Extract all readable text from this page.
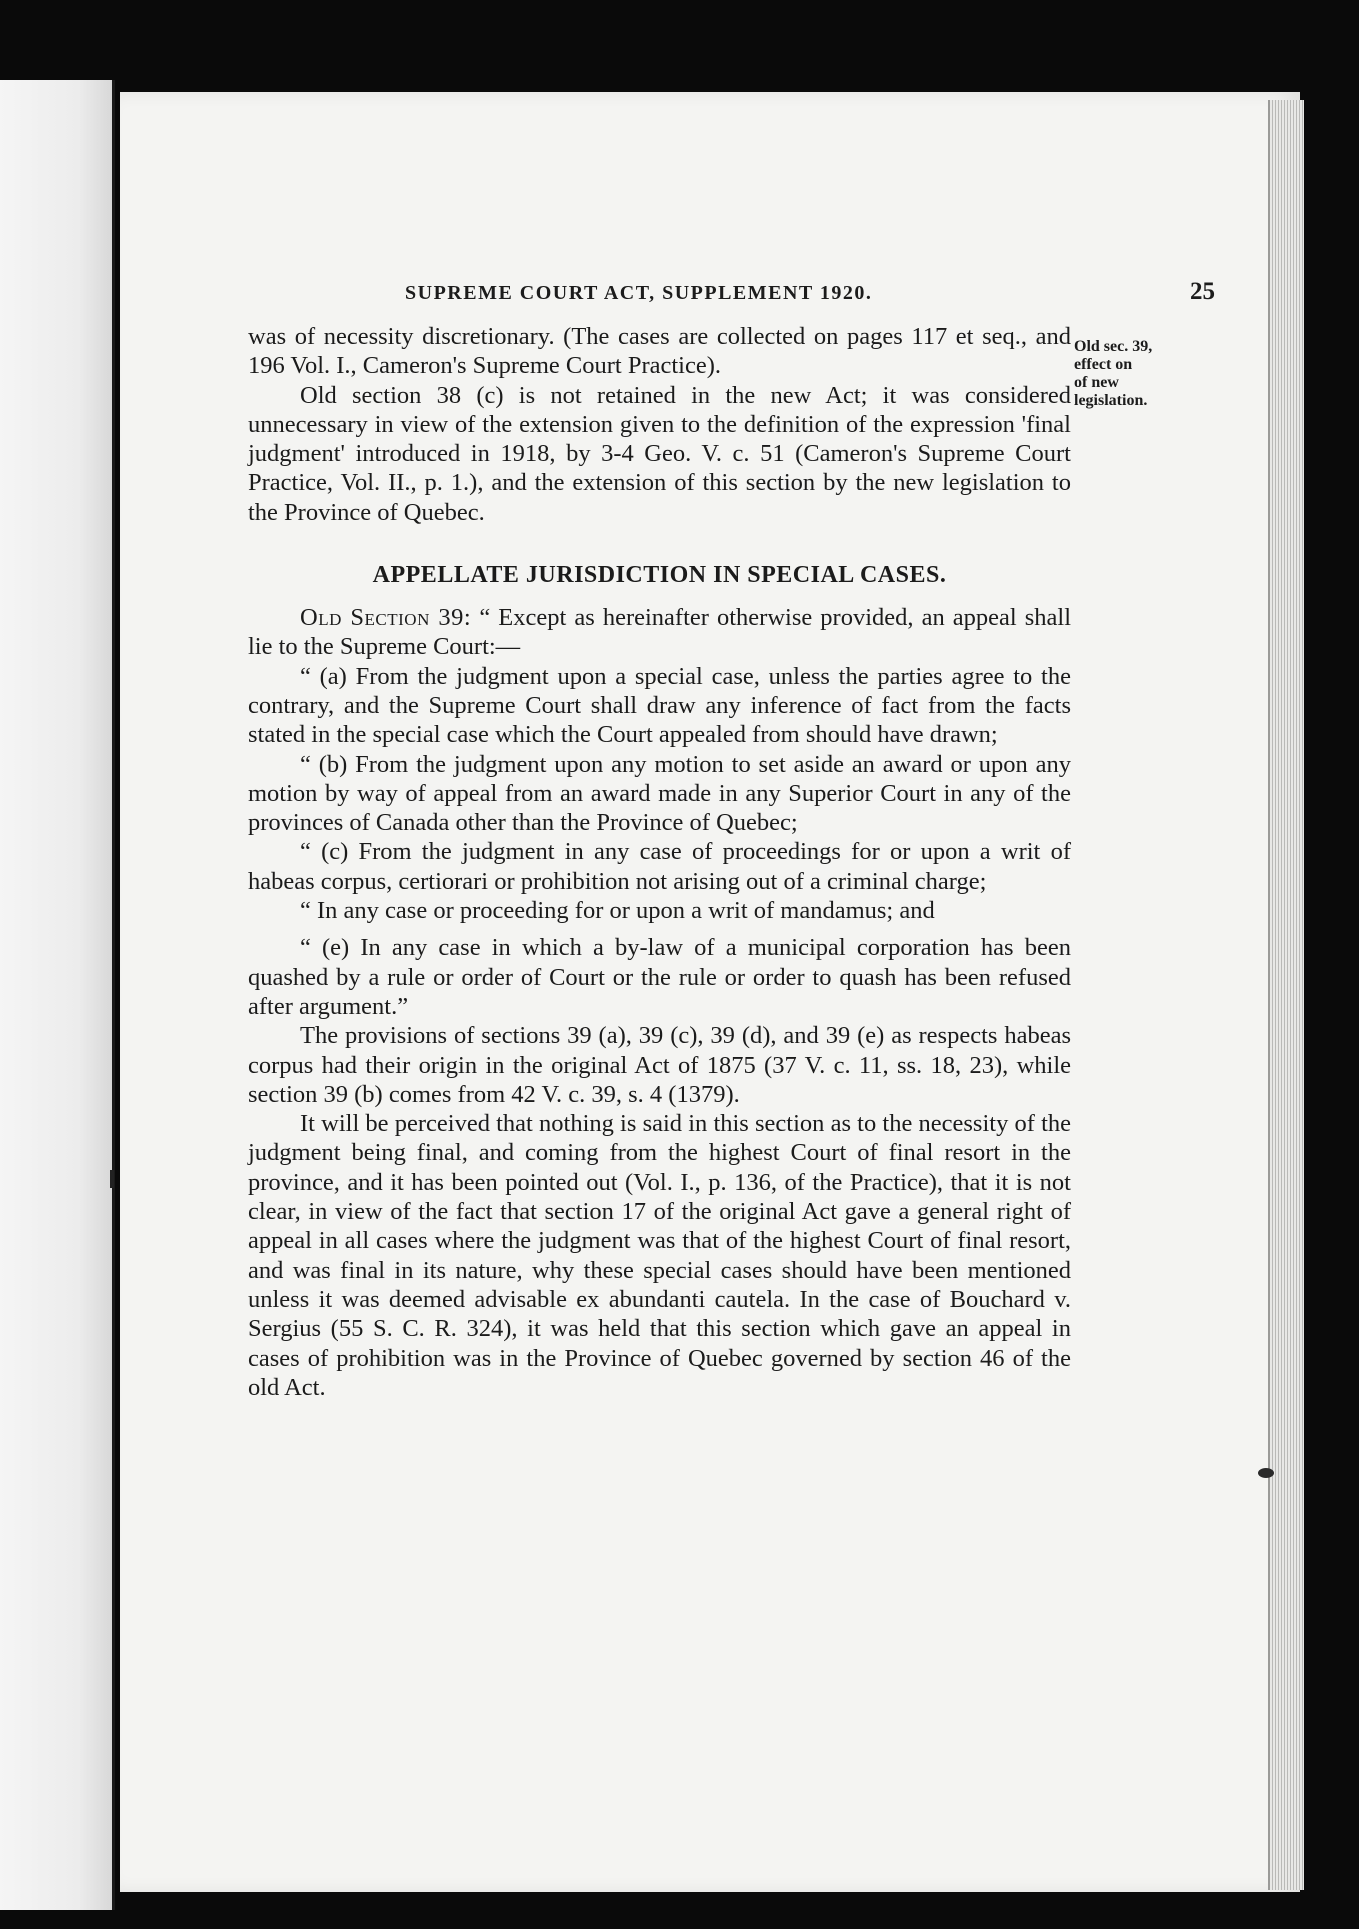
SUPREME COURT ACT, SUPPLEMENT 1920.	25
Old sec. 39,
effect on
of new
legislation.

was of necessity discretionary. (The cases are collected on pages 117 et seq., and 196 Vol. I., Cameron's Supreme Court Practice).

Old section 38 (c) is not retained in the new Act; it was considered unnecessary in view of the extension given to the definition of the expression 'final judgment' introduced in 1918, by 3-4 Geo. V. c. 51 (Cameron's Supreme Court Practice, Vol. II., p. 1.), and the extension of this section by the new legislation to the Province of Quebec.

APPELLATE JURISDICTION IN SPECIAL CASES.

Old Section 39: “ Except as hereinafter otherwise provided, an appeal shall lie to the Supreme Court:—

“ (a) From the judgment upon a special case, unless the parties agree to the contrary, and the Supreme Court shall draw any inference of fact from the facts stated in the special case which the Court appealed from should have drawn;

“ (b) From the judgment upon any motion to set aside an award or upon any motion by way of appeal from an award made in any Superior Court in any of the provinces of Canada other than the Province of Quebec;

“ (c) From the judgment in any case of proceedings for or upon a writ of habeas corpus, certiorari or prohibition not arising out of a criminal charge;

“ In any case or proceeding for or upon a writ of mandamus; and

“ (e) In any case in which a by-law of a municipal corporation has been quashed by a rule or order of Court or the rule or order to quash has been refused after argument.”

The provisions of sections 39 (a), 39 (c), 39 (d), and 39 (e) as respects habeas corpus had their origin in the original Act of 1875 (37 V. c. 11, ss. 18, 23), while section 39 (b) comes from 42 V. c. 39, s. 4 (1379).

It will be perceived that nothing is said in this section as to the necessity of the judgment being final, and coming from the highest Court of final resort in the province, and it has been pointed out (Vol. I., p. 136, of the Practice), that it is not clear, in view of the fact that section 17 of the original Act gave a general right of appeal in all cases where the judgment was that of the highest Court of final resort, and was final in its nature, why these special cases should have been mentioned unless it was deemed advisable ex abundanti cautela. In the case of Bouchard v. Sergius (55 S. C. R. 324), it was held that this section which gave an appeal in cases of prohibition was in the Province of Quebec governed by section 46 of the old Act.
